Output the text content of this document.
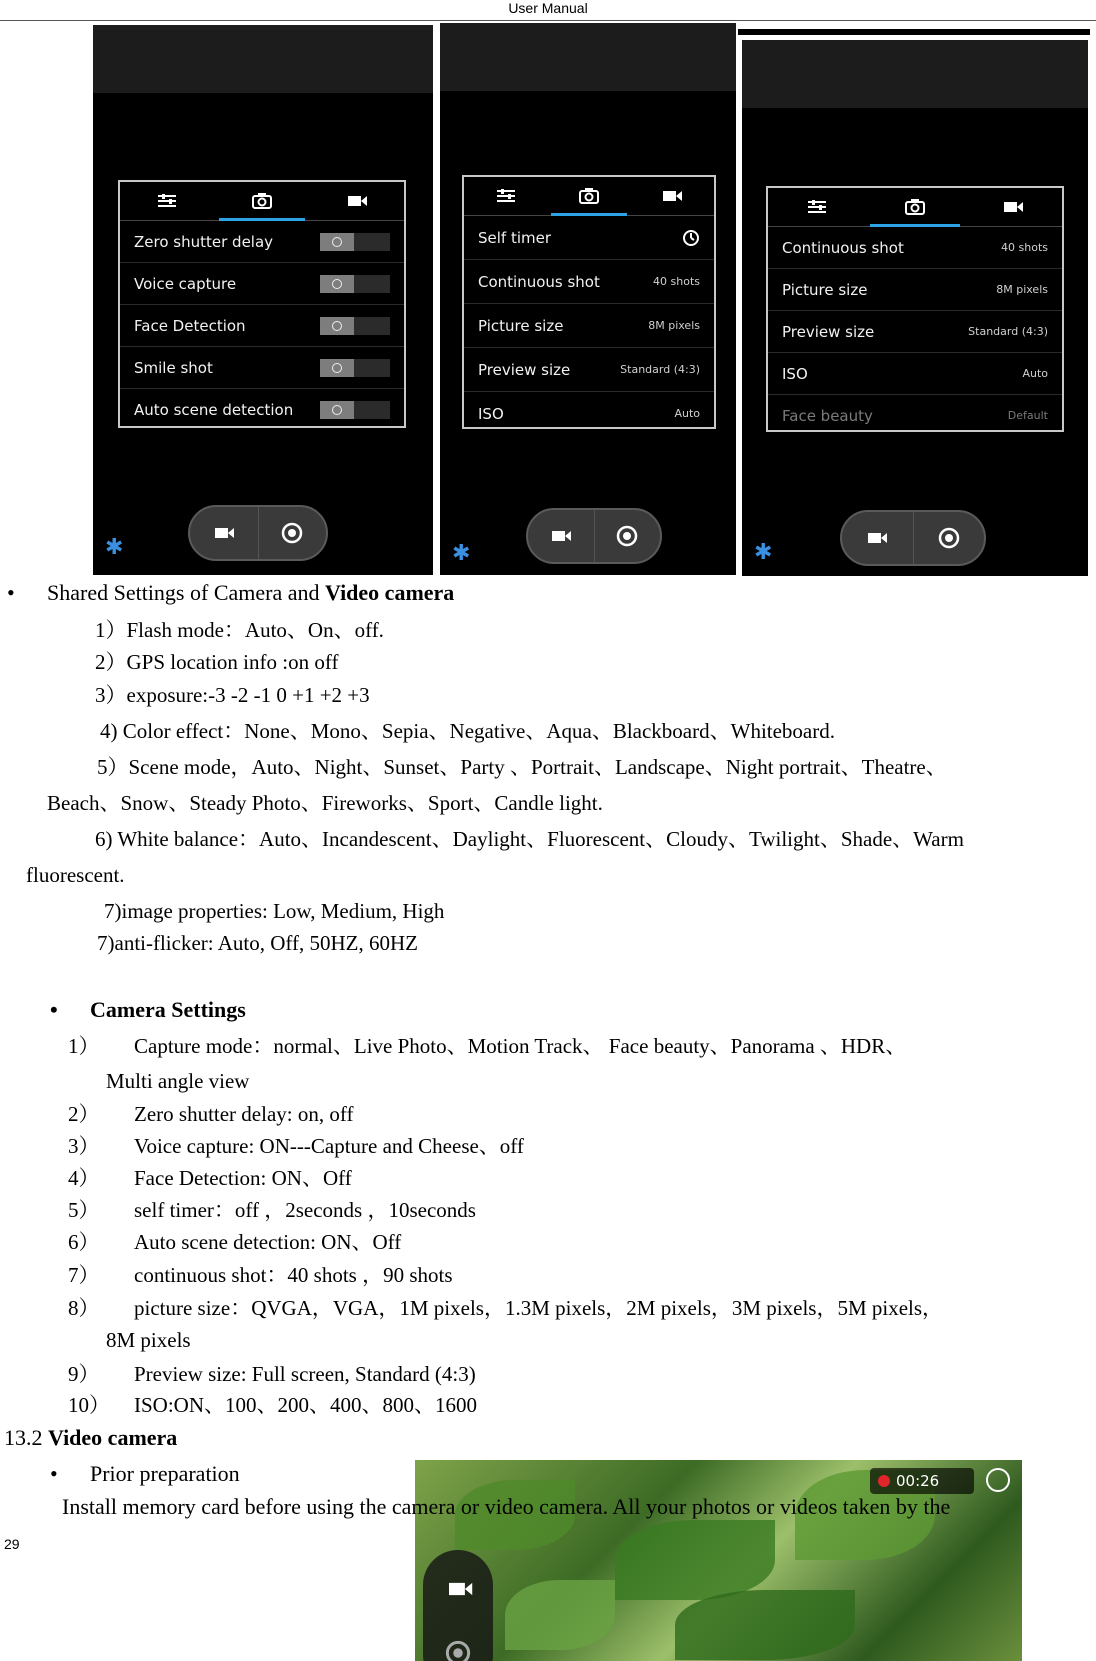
User Manual
Zero shutter delay
Voice capture
Face Detection
Smile shot
Auto scene detection
✱
Self timer
Continuous shot	40 shots
Picture size	8M pixels
Preview size	Standard (4:3)
ISO	Auto
✱
Continuous shot	40 shots
Picture size	8M pixels
Preview size	Standard (4:3)
ISO	Auto
Face beauty	Default
✱
• Shared Settings of Camera and Video camera
1）Flash mode：Auto、On、off.
2）GPS location info :on off
3）exposure:-3 -2 -1 0 +1 +2 +3
4) Color effect：None、Mono、Sepia、Negative、Aqua、Blackboard、Whiteboard.
5）Scene mode，Auto、Night、Sunset、Party 、Portrait、Landscape、Night portrait、Theatre、
Beach、Snow、Steady Photo、Fireworks、Sport、Candle light.
6) White balance：Auto、Incandescent、Daylight、Fluorescent、Cloudy、Twilight、Shade、Warm
fluorescent.
7)image properties: Low, Medium, High
7)anti-flicker: Auto, Off, 50HZ, 60HZ
• Camera Settings
1） Capture mode：normal、Live Photo、Motion Track、 Face beauty、Panorama 、HDR、
Multi angle view
2） Zero shutter delay: on, off
3） Voice capture: ON---Capture and Cheese、off
4） Face Detection: ON、Off
5） self timer：off ，2seconds ，10seconds
6） Auto scene detection: ON、Off
7） continuous shot：40 shots ，90 shots
8） picture size：QVGA，VGA，1M pixels，1.3M pixels，2M pixels，3M pixels，5M pixels，
8M pixels
9） Preview size: Full screen, Standard (4:3)
10） ISO:ON、100、200、400、800、1600
13.2 Video camera
• Prior preparation	00:26
Install memory card before using the camera or video camera. All your photos or videos taken by the
29
